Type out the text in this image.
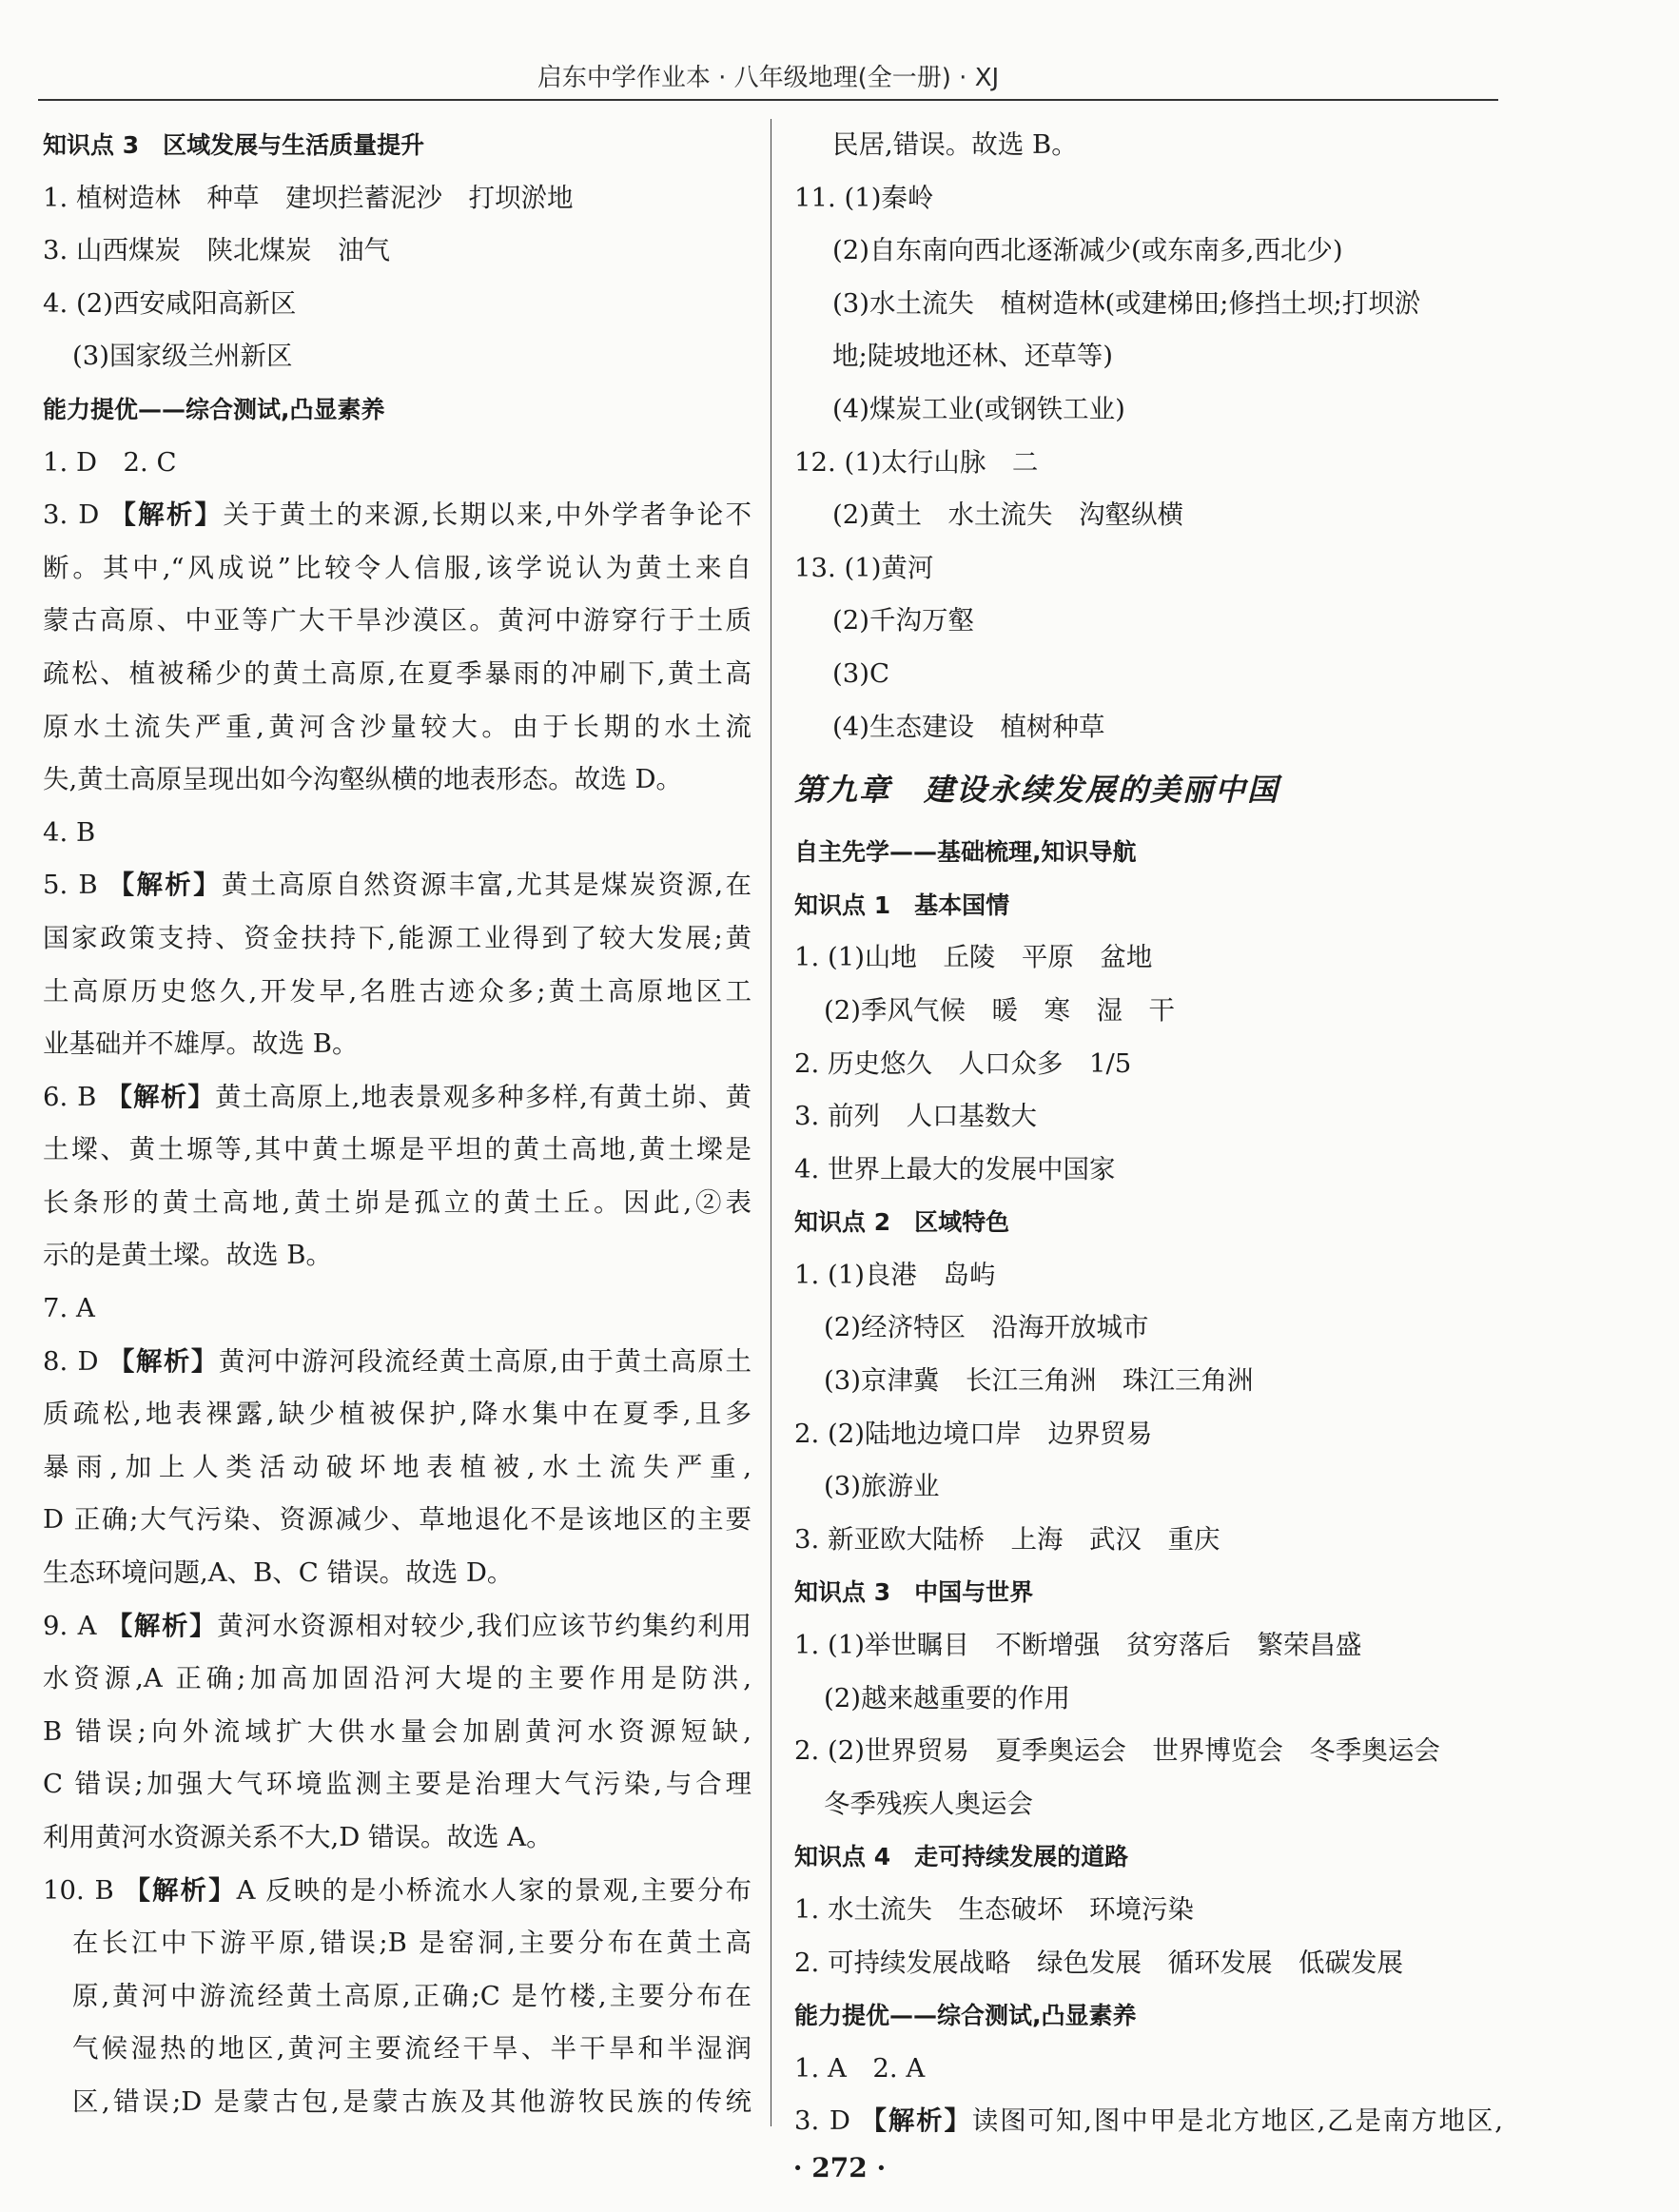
启东中学作业本 · 八年级地理(全一册) · XJ
知识点 3　区域发展与生活质量提升
1. 植树造林　种草　建坝拦蓄泥沙　打坝淤地
3. 山西煤炭　陕北煤炭　油气
4. (2)西安咸阳高新区
(3)国家级兰州新区
能力提优——综合测试,凸显素养
1. D　2. C
3. D 【解析】关于黄土的来源,长期以来,中外学者争论不
断。其中,“风成说”比较令人信服,该学说认为黄土来自
蒙古高原、中亚等广大干旱沙漠区。黄河中游穿行于土质
疏松、植被稀少的黄土高原,在夏季暴雨的冲刷下,黄土高
原水土流失严重,黄河含沙量较大。由于长期的水土流
失,黄土高原呈现出如今沟壑纵横的地表形态。故选 D。
4. B
5. B 【解析】黄土高原自然资源丰富,尤其是煤炭资源,在
国家政策支持、资金扶持下,能源工业得到了较大发展;黄
土高原历史悠久,开发早,名胜古迹众多;黄土高原地区工
业基础并不雄厚。故选 B。
6. B 【解析】黄土高原上,地表景观多种多样,有黄土峁、黄
土墚、黄土塬等,其中黄土塬是平坦的黄土高地,黄土墚是
长条形的黄土高地,黄土峁是孤立的黄土丘。因此,②表
示的是黄土墚。故选 B。
7. A
8. D 【解析】黄河中游河段流经黄土高原,由于黄土高原土
质疏松,地表裸露,缺少植被保护,降水集中在夏季,且多
暴雨,加上人类活动破坏地表植被,水土流失严重,
D 正确;大气污染、资源减少、草地退化不是该地区的主要
生态环境问题,A、B、C 错误。故选 D。
9. A 【解析】黄河水资源相对较少,我们应该节约集约利用
水资源,A 正确;加高加固沿河大堤的主要作用是防洪,
B 错误;向外流域扩大供水量会加剧黄河水资源短缺,
C 错误;加强大气环境监测主要是治理大气污染,与合理
利用黄河水资源关系不大,D 错误。故选 A。
10. B 【解析】A 反映的是小桥流水人家的景观,主要分布
在长江中下游平原,错误;B 是窑洞,主要分布在黄土高
原,黄河中游流经黄土高原,正确;C 是竹楼,主要分布在
气候湿热的地区,黄河主要流经干旱、半干旱和半湿润
区,错误;D 是蒙古包,是蒙古族及其他游牧民族的传统
民居,错误。故选 B。
11. (1)秦岭
(2)自东南向西北逐渐减少(或东南多,西北少)
(3)水土流失　植树造林(或建梯田;修挡土坝;打坝淤
地;陡坡地还林、还草等)
(4)煤炭工业(或钢铁工业)
12. (1)太行山脉　二
(2)黄土　水土流失　沟壑纵横
13. (1)黄河
(2)千沟万壑
(3)C
(4)生态建设　植树种草
第九章　建设永续发展的美丽中国
自主先学——基础梳理,知识导航
知识点 1　基本国情
1. (1)山地　丘陵　平原　盆地
(2)季风气候　暖　寒　湿　干
2. 历史悠久　人口众多　1/5
3. 前列　人口基数大
4. 世界上最大的发展中国家
知识点 2　区域特色
1. (1)良港　岛屿
(2)经济特区　沿海开放城市
(3)京津冀　长江三角洲　珠江三角洲
2. (2)陆地边境口岸　边界贸易
(3)旅游业
3. 新亚欧大陆桥　上海　武汉　重庆
知识点 3　中国与世界
1. (1)举世瞩目　不断增强　贫穷落后　繁荣昌盛
(2)越来越重要的作用
2. (2)世界贸易　夏季奥运会　世界博览会　冬季奥运会
冬季残疾人奥运会
知识点 4　走可持续发展的道路
1. 水土流失　生态破坏　环境污染
2. 可持续发展战略　绿色发展　循环发展　低碳发展
能力提优——综合测试,凸显素养
1. A　2. A
3. D 【解析】读图可知,图中甲是北方地区,乙是南方地区,
· 272 ·
